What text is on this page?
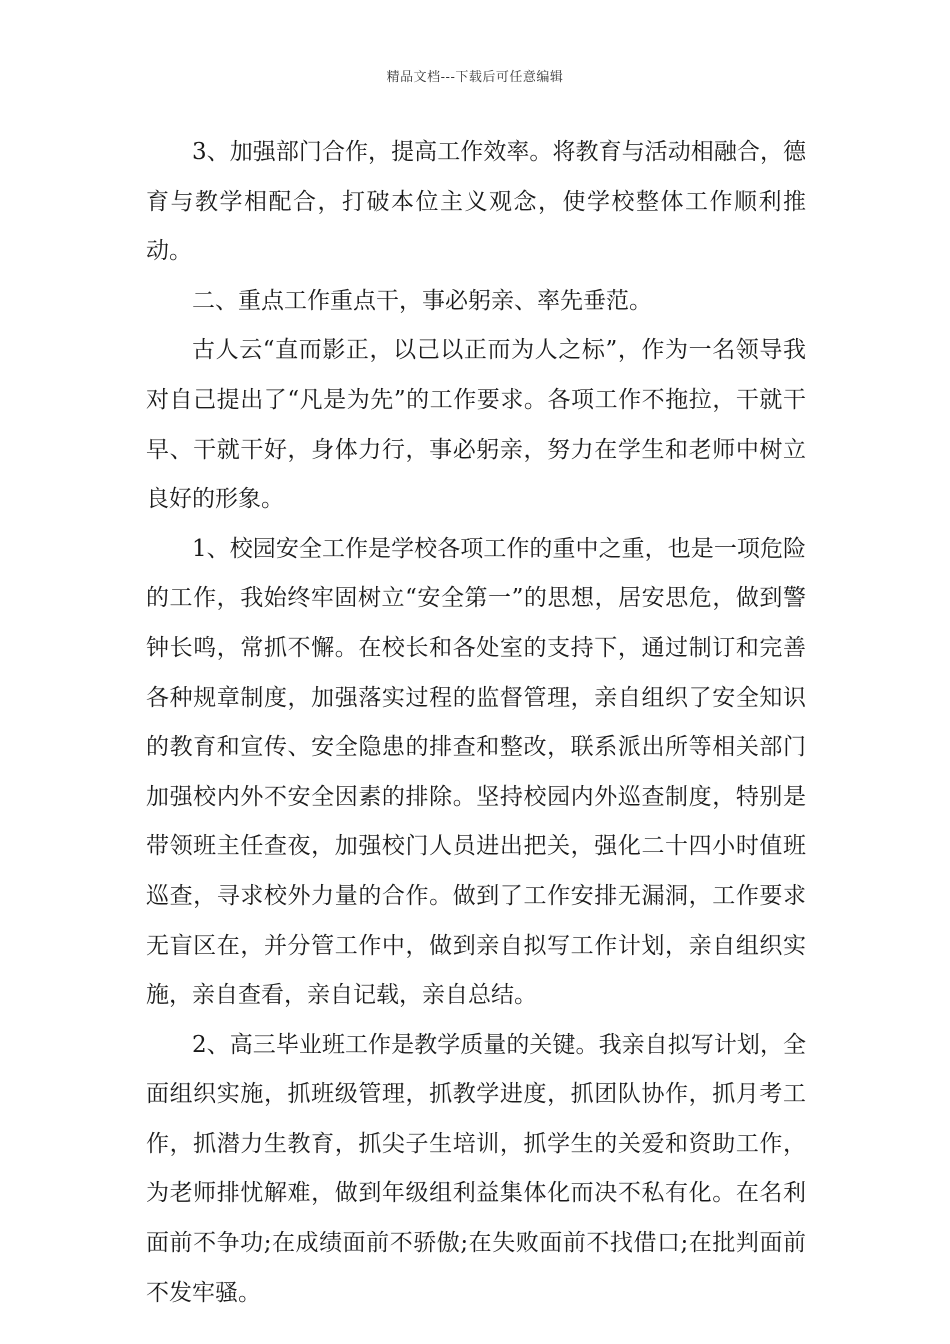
精品文档---下载后可任意编辑

3、加强部门合作，提高工作效率。将教育与活动相融合，德育与教学相配合，打破本位主义观念，使学校整体工作顺利推动。

二、重点工作重点干，事必躬亲、率先垂范。

古人云“直而影正，以己以正而为人之标”，作为一名领导我对自己提出了“凡是为先”的工作要求。各项工作不拖拉，干就干早、干就干好，身体力行，事必躬亲，努力在学生和老师中树立良好的形象。

1、校园安全工作是学校各项工作的重中之重，也是一项危险的工作，我始终牢固树立“安全第一”的思想，居安思危，做到警钟长鸣，常抓不懈。在校长和各处室的支持下，通过制订和完善各种规章制度，加强落实过程的监督管理，亲自组织了安全知识的教育和宣传、安全隐患的排查和整改，联系派出所等相关部门加强校内外不安全因素的排除。坚持校园内外巡查制度，特别是带领班主任查夜，加强校门人员进出把关，强化二十四小时值班巡查，寻求校外力量的合作。做到了工作安排无漏洞，工作要求无盲区在，并分管工作中，做到亲自拟写工作计划，亲自组织实施，亲自查看，亲自记载，亲自总结。

2、高三毕业班工作是教学质量的关键。我亲自拟写计划，全面组织实施，抓班级管理，抓教学进度，抓团队协作，抓月考工作，抓潜力生教育，抓尖子生培训，抓学生的关爱和资助工作，为老师排忧解难，做到年级组利益集体化而决不私有化。在名利面前不争功;在成绩面前不骄傲;在失败面前不找借口;在批判面前不发牢骚。
